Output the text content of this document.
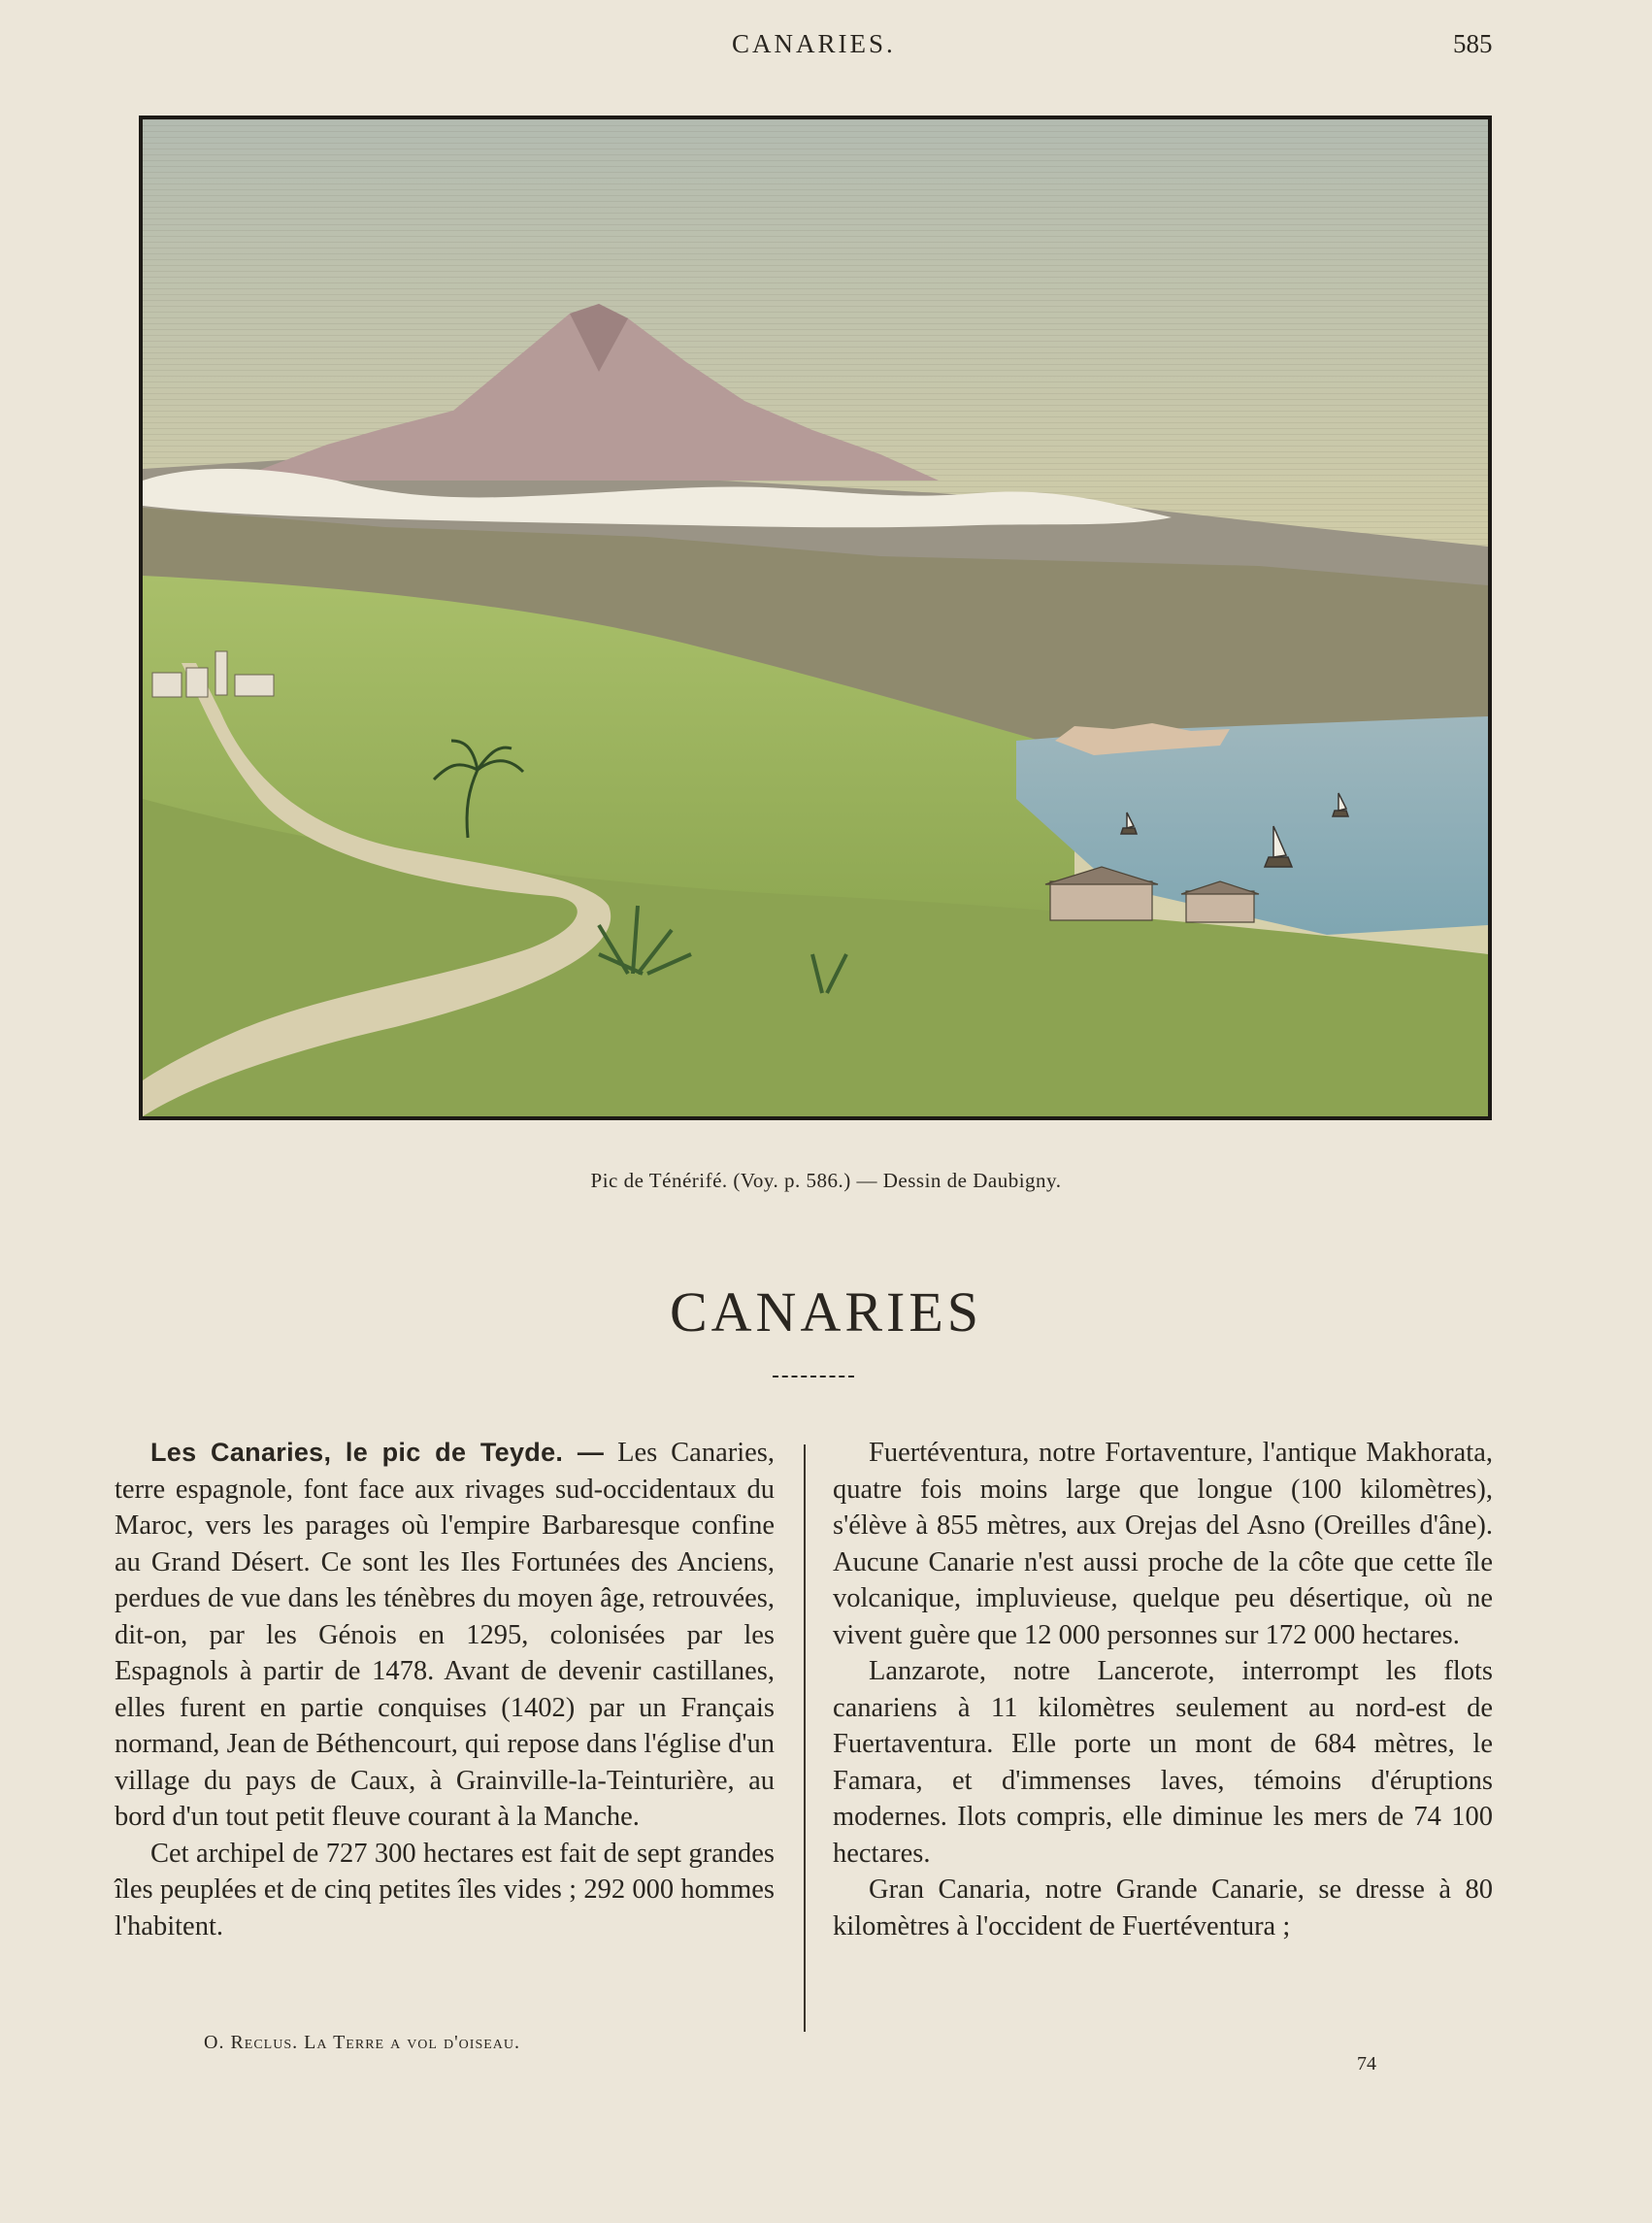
CANARIES.	585
Pic de Ténérifé. (Voy. p. 586.) — Dessin de Daubigny.
CANARIES

Les Canaries, le pic de Teyde. — Les Canaries, terre espagnole, font face aux rivages sud-occidentaux du Maroc, vers les parages où l'empire Barbaresque confine au Grand Désert. Ce sont les Iles Fortunées des Anciens, perdues de vue dans les ténèbres du moyen âge, retrouvées, dit-on, par les Génois en 1295, colonisées par les Espagnols à partir de 1478. Avant de devenir castillanes, elles furent en partie conquises (1402) par un Français normand, Jean de Béthencourt, qui repose dans l'église d'un village du pays de Caux, à Grainville-la-Teinturière, au bord d'un tout petit fleuve courant à la Manche.

Cet archipel de 727 300 hectares est fait de sept grandes îles peuplées et de cinq petites îles vides ; 292 000 hommes l'habitent.

Fuertéventura, notre Fortaventure, l'antique Makhorata, quatre fois moins large que longue (100 kilomètres), s'élève à 855 mètres, aux Orejas del Asno (Oreilles d'âne). Aucune Canarie n'est aussi proche de la côte que cette île volcanique, impluvieuse, quelque peu désertique, où ne vivent guère que 12 000 personnes sur 172 000 hectares.

Lanzarote, notre Lancerote, interrompt les flots canariens à 11 kilomètres seulement au nord-est de Fuertaventura. Elle porte un mont de 684 mètres, le Famara, et d'immenses laves, témoins d'éruptions modernes. Ilots compris, elle diminue les mers de 74 100 hectares.

Gran Canaria, notre Grande Canarie, se dresse à 80 kilomètres à l'occident de Fuertéventura ;

O. Reclus. La Terre a vol d'oiseau.
74
